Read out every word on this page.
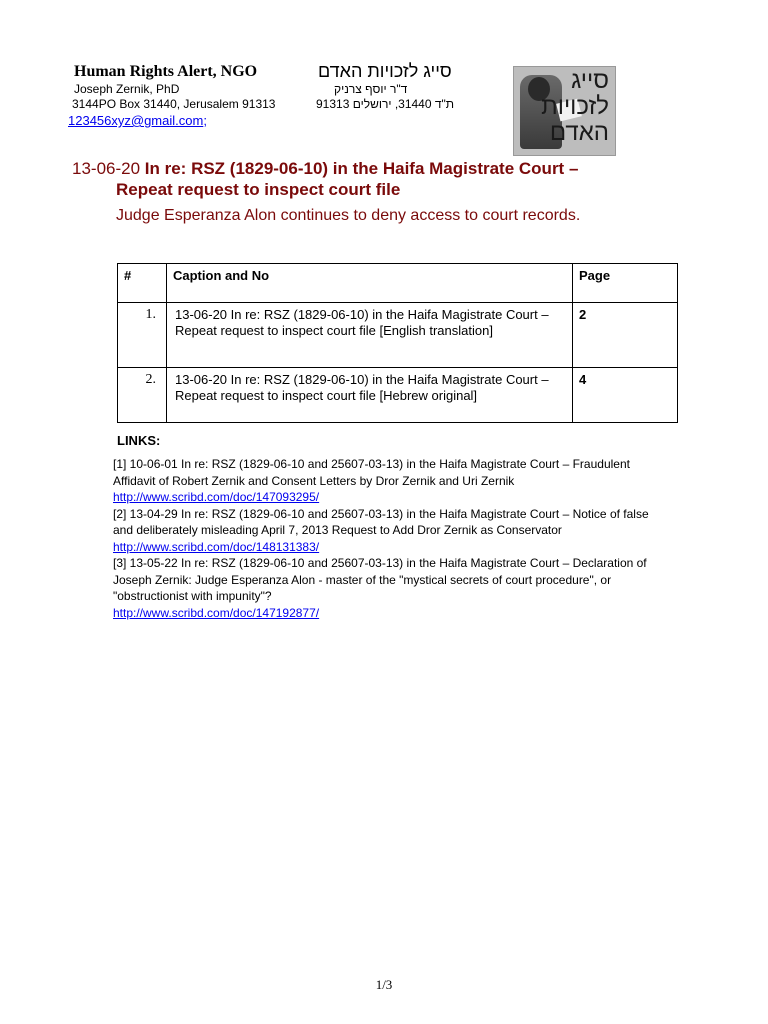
Human Rights Alert, NGO	סייג לזכויות האדם
Joseph Zernik, PhD	ד"ר יוסף צרניק
3144PO Box 31440, Jerusalem 91313	ת"ד 31440, ירושלים 91313
123456xyz@gmail.com;
סייג
לזכויות
האדם
13-06-20 In re: RSZ (1829-06-10) in the Haifa Magistrate Court –
Repeat request to inspect court file
Judge Esperanza Alon continues to deny access to court records.
#	Caption and No	Page
1.	13-06-20 In re: RSZ (1829-06-10) in the Haifa Magistrate Court – Repeat request to inspect court file [English translation]	2
2.	13-06-20 In re: RSZ (1829-06-10) in the Haifa Magistrate Court – Repeat request to inspect court file [Hebrew original]	4
LINKS:
[1] 10-06-01 In re: RSZ (1829-06-10 and 25607-03-13) in the Haifa Magistrate Court – Fraudulent Affidavit of Robert Zernik and Consent Letters by Dror Zernik and Uri Zernik
http://www.scribd.com/doc/147093295/
[2] 13-04-29 In re: RSZ (1829-06-10 and 25607-03-13) in the Haifa Magistrate Court – Notice of false and deliberately misleading April 7, 2013 Request to Add Dror Zernik as Conservator
http://www.scribd.com/doc/148131383/
[3] 13-05-22 In re: RSZ (1829-06-10 and 25607-03-13) in the Haifa Magistrate Court – Declaration of Joseph Zernik: Judge Esperanza Alon - master of the "mystical secrets of court procedure", or "obstructionist with impunity"?
http://www.scribd.com/doc/147192877/
1/3
